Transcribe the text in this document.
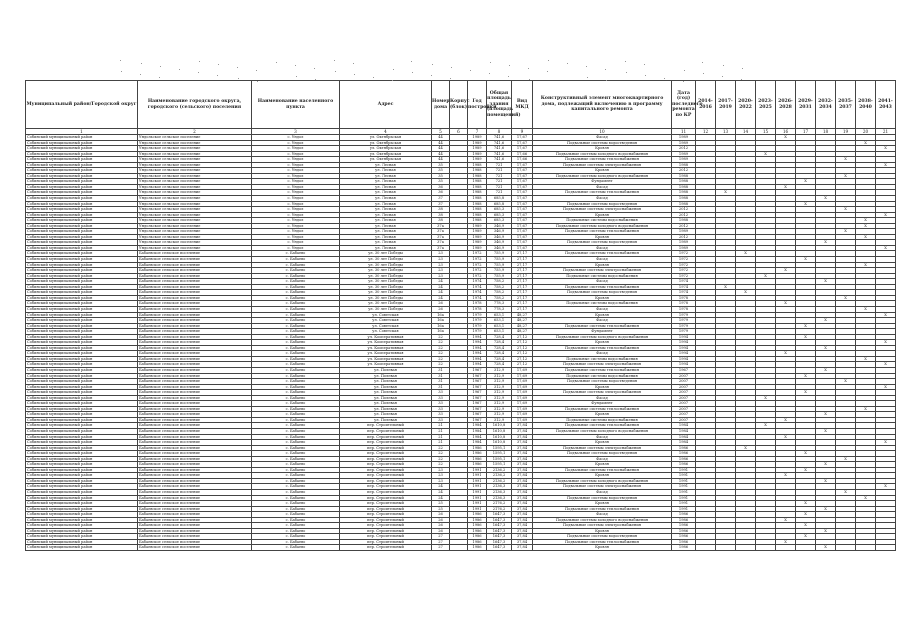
Муниципальный район/Городской округ	Наименование городского округа, городского (сельского) поселения	Наименование населенного пункта	Адрес	Номер дома	Корпус (блок)	Год постройки	Общая площадь здания (площадь помещений)	Вид МКД	Конструктивный элемент многоквартирного дома, подлежащий включению в программу капитального ремонта	Дата (год) последнего ремонта по КР	2014-2016	2017-2019	2020-2022	2023-2025	2026-2028	2029-2031	2032-2034	2035-2037	2038-2040	2041-2043
1	2	3	4	5	6	7	8	9	10	11	12	13	14	15	16	17	18	19	20	21
Собинский муниципальный район	Ундольское сельское поселение	с. Ундол	ул. Октябрьская	44		1989	741,6	17,67	Фасад	1989					X					
Собинский муниципальный район	Ундольское сельское поселение	с. Ундол	ул. Октябрьская	44		1989	741,6	17,67	Подвальные системы водоотведения	1989									X	
Собинский муниципальный район	Ундольское сельское поселение	с. Ундол	ул. Октябрьская	44		1989	741,6	17,67	Кровля	2012										X
Собинский муниципальный район	Ундольское сельское поселение	с. Ундол	ул. Октябрьская	44		1989	741,6	17,66	Подвальные системы холодного водоснабжения	1989				X						
Собинский муниципальный район	Ундольское сельское поселение	с. Ундол	ул. Октябрьская	44		1989	741,6	17,66	Подвальные системы теплоснабжения	1989								X		
Собинский муниципальный район	Ундольское сельское поселение	с. Ундол	ул. Лесная	35		1988	721	17,67	Подвальные системы электроснабжения	1988										X
Собинский муниципальный район	Ундольское сельское поселение	с. Ундол	ул. Лесная	35		1988	721	17,67	Кровля	2012										
Собинский муниципальный район	Ундольское сельское поселение	с. Ундол	ул. Лесная	35		1988	721	17,67	Подвальные системы холодного водоснабжения	1988								X		
Собинский муниципальный район	Ундольское сельское поселение	с. Ундол	ул. Лесная	35		1988	721	17,67	Фундамент	1988						X				
Собинский муниципальный район	Ундольское сельское поселение	с. Ундол	ул. Лесная	36		1988	721	17,67	Фасад	1988					X					
Собинский муниципальный район	Ундольское сельское поселение	с. Ундол	ул. Лесная	36		1988	721	17,67	Подвальные системы теплоснабжения	1988		X								
Собинский муниципальный район	Ундольское сельское поселение	с. Ундол	ул. Лесная	37		1988	685,8	17,67	Фасад	1988							X			
Собинский муниципальный район	Ундольское сельское поселение	с. Ундол	ул. Лесная	37		1988	685,8	17,67	Подвальные системы водоотведения	1988						X				
Собинский муниципальный район	Ундольское сельское поселение	с. Ундол	ул. Лесная	38		1988	685,3	17,67	Подвальные системы электроснабжения	2012								X		
Собинский муниципальный район	Ундольское сельское поселение	с. Ундол	ул. Лесная	38		1988	685,3	17,67	Кровля	2012										X
Собинский муниципальный район	Ундольское сельское поселение	с. Ундол	ул. Лесная	38		1988	685,3	17,67	Подвальные системы водоснабжения	1988									X	
Собинский муниципальный район	Ундольское сельское поселение	с. Ундол	ул. Лесная	37а		1989	346,9	17,67	Подвальные системы холодного водоснабжения	2012									X	
Собинский муниципальный район	Ундольское сельское поселение	с. Ундол	ул. Лесная	37а		1989	346,9	17,67	Подвальные системы теплоснабжения	1989								X		
Собинский муниципальный район	Ундольское сельское поселение	с. Ундол	ул. Лесная	37а		1989	346,9	17,67	Кровля	2012									X	
Собинский муниципальный район	Ундольское сельское поселение	с. Ундол	ул. Лесная	37а		1989	346,9	17,67	Подвальные системы водоотведения	1989							X			
Собинский муниципальный район	Ундольское сельское поселение	с. Ундол	ул. Лесная	37а		1989	346,9	17,67	Фасад	1989										X
Собинский муниципальный район	Бабаевское сельское поселение	с. Бабаево	ул. 30 лет Победы	23		1972	755,9	27,17	Подвальные системы теплоснабжения	1972			X							
Собинский муниципальный район	Бабаевское сельское поселение	с. Бабаево	ул. 30 лет Победы	23		1972	755,9	27,17	Фасад	1972						X				
Собинский муниципальный район	Бабаевское сельское поселение	с. Бабаево	ул. 30 лет Победы	23		1972	755,9	27,17	Кровля	1972									X	
Собинский муниципальный район	Бабаевское сельское поселение	с. Бабаево	ул. 30 лет Победы	23		1972	755,9	27,17	Подвальные системы электроснабжения	1972					X					
Собинский муниципальный район	Бабаевское сельское поселение	с. Бабаево	ул. 30 лет Победы	23		1972	755,9	27,17	Подвальные системы водоснабжения	1972				X						
Собинский муниципальный район	Бабаевское сельское поселение	с. Бабаево	ул. 30 лет Победы	24		1974	758,2	27,17	Фасад	1974							X			
Собинский муниципальный район	Бабаевское сельское поселение	с. Бабаево	ул. 30 лет Победы	24		1974	758,2	27,17	Подвальные системы теплоснабжения	1974		X								
Собинский муниципальный район	Бабаевское сельское поселение	с. Бабаево	ул. 30 лет Победы	24		1974	758,2	27,17	Подвальные системы водоотведения	1974			X							
Собинский муниципальный район	Бабаевское сельское поселение	с. Бабаево	ул. 30 лет Победы	24		1974	758,2	27,17	Кровля	1978								X		
Собинский муниципальный район	Бабаевское сельское поселение	с. Бабаево	ул. 30 лет Победы	26		1978	778,3	27,17	Подвальные системы водоснабжения	1978					X					
Собинский муниципальный район	Бабаевское сельское поселение	с. Бабаево	ул. 30 лет Победы	26		1978	778,3	27,17	Фасад	1978									X	
Собинский муниципальный район	Бабаевское сельское поселение	с. Бабаево	ул. Советская	16а		1979	653,1	48,27	Кровля	1979										X
Собинский муниципальный район	Бабаевское сельское поселение	с. Бабаево	ул. Советская	16а		1979	653,1	48,27	Фасад	1979							X			
Собинский муниципальный район	Бабаевское сельское поселение	с. Бабаево	ул. Советская	16а		1979	653,1	48,27	Подвальные системы теплоснабжения	1979						X				
Собинский муниципальный район	Бабаевское сельское поселение	с. Бабаево	ул. Советская	16а		1979	653,1	48,27	Фундамент	1979										
Собинский муниципальный район	Бабаевское сельское поселение	с. Бабаево	ул. Кооперативная	22		1994	728,4	27,12	Подвальные системы холодного водоснабжения	1994						X				
Собинский муниципальный район	Бабаевское сельское поселение	с. Бабаево	ул. Кооперативная	22		1994	728,4	27,12	Кровля	1994										X
Собинский муниципальный район	Бабаевское сельское поселение	с. Бабаево	ул. Кооперативная	22		1994	728,4	27,12	Подвальные системы теплоснабжения	1994							X			
Собинский муниципальный район	Бабаевское сельское поселение	с. Бабаево	ул. Кооперативная	22		1994	728,4	27,12	Фасад	1994					X					
Собинский муниципальный район	Бабаевское сельское поселение	с. Бабаево	ул. Кооперативная	22		1994	728,4	27,12	Подвальные системы водоснабжения	1994									X	
Собинский муниципальный район	Бабаевское сельское поселение	с. Бабаево	ул. Кооперативная	22		1994	728,4	27,12	Подвальные системы электроснабжения	1994										X
Собинский муниципальный район	Бабаевское сельское поселение	с. Бабаево	ул. Полевая	31		1967	312,9	17,69	Подвальные системы теплоснабжения	1967							X			
Собинский муниципальный район	Бабаевское сельское поселение	с. Бабаево	ул. Полевая	31		1967	312,9	17,69	Подвальные системы водоснабжения	2007						X				
Собинский муниципальный район	Бабаевское сельское поселение	с. Бабаево	ул. Полевая	31		1967	312,9	17,69	Подвальные системы водоотведения	2007								X		
Собинский муниципальный район	Бабаевское сельское поселение	с. Бабаево	ул. Полевая	31		1967	312,9	17,69	Кровля	2007										X
Собинский муниципальный район	Бабаевское сельское поселение	с. Бабаево	ул. Полевая	33		1967	312,9	17,69	Подвальные системы электроснабжения	2007						X				
Собинский муниципальный район	Бабаевское сельское поселение	с. Бабаево	ул. Полевая	33		1967	312,9	17,69	Фасад	2007				X						
Собинский муниципальный район	Бабаевское сельское поселение	с. Бабаево	ул. Полевая	33		1967	312,9	17,69	Фундамент	2007										
Собинский муниципальный район	Бабаевское сельское поселение	с. Бабаево	ул. Полевая	33		1967	312,9	17,69	Подвальные системы теплоснабжения	2007									X	
Собинский муниципальный район	Бабаевское сельское поселение	с. Бабаево	ул. Полевая	33		1967	312,9	17,69	Кровля	2007							X			
Собинский муниципальный район	Бабаевское сельское поселение	с. Бабаево	ул. Полевая	33		1967	312,9	17,69	Подвальные системы водоснабжения	2007					X					
Собинский муниципальный район	Бабаевское сельское поселение	с. Бабаево	пер. Строительный	21		1984	1610,8	37,84	Подвальные системы теплоснабжения	1984				X						
Собинский муниципальный район	Бабаевское сельское поселение	с. Бабаево	пер. Строительный	21		1984	1610,8	37,84	Подвальные системы холодного водоснабжения	1984							X			
Собинский муниципальный район	Бабаевское сельское поселение	с. Бабаево	пер. Строительный	21		1984	1610,8	37,84	Фасад	1984					X					
Собинский муниципальный район	Бабаевское сельское поселение	с. Бабаево	пер. Строительный	21		1984	1610,8	37,84	Кровля	1984										X
Собинский муниципальный район	Бабаевское сельское поселение	с. Бабаево	пер. Строительный	22		1986	1595,1	37,84	Подвальные системы электроснабжения	1986			X							
Собинский муниципальный район	Бабаевское сельское поселение	с. Бабаево	пер. Строительный	22		1986	1595,1	37,84	Подвальные системы водоотведения	1986						X				
Собинский муниципальный район	Бабаевское сельское поселение	с. Бабаево	пер. Строительный	22		1986	1595,1	37,84	Фасад	1986								X		
Собинский муниципальный район	Бабаевское сельское поселение	с. Бабаево	пер. Строительный	22		1986	1595,1	37,84	Кровля	1986							X			
Собинский муниципальный район	Бабаевское сельское поселение	с. Бабаево	пер. Строительный	23		1991	2136,2	37,84	Подвальные системы теплоснабжения	1991						X				
Собинский муниципальный район	Бабаевское сельское поселение	с. Бабаево	пер. Строительный	23		1991	2136,2	37,84	Кровля	1991					X					
Собинский муниципальный район	Бабаевское сельское поселение	с. Бабаево	пер. Строительный	23		1991	2136,2	37,84	Подвальные системы холодного водоснабжения	1991							X			
Собинский муниципальный район	Бабаевское сельское поселение	с. Бабаево	пер. Строительный	24		1991	2136,3	37,84	Подвальные системы электроснабжения	1991										X
Собинский муниципальный район	Бабаевское сельское поселение	с. Бабаево	пер. Строительный	24		1991	2136,3	37,84	Фасад	1991								X		
Собинский муниципальный район	Бабаевское сельское поселение	с. Бабаево	пер. Строительный	24		1991	2136,3	37,84	Подвальные системы водоотведения	1991									X	
Собинский муниципальный район	Бабаевское сельское поселение	с. Бабаево	пер. Строительный	25		1991	2176,2	37,84	Кровля	1991						X				
Собинский муниципальный район	Бабаевское сельское поселение	с. Бабаево	пер. Строительный	25		1991	2176,2	37,84	Подвальные системы теплоснабжения	1991							X			
Собинский муниципальный район	Бабаевское сельское поселение	с. Бабаево	пер. Строительный	26		1986	1647,3	37,84	Фасад	1986						X				
Собинский муниципальный район	Бабаевское сельское поселение	с. Бабаево	пер. Строительный	26		1986	1647,3	37,84	Подвальные системы холодного водоснабжения	1986					X					
Собинский муниципальный район	Бабаевское сельское поселение	с. Бабаево	пер. Строительный	26		1986	1647,3	37,84	Подвальные системы электроснабжения	1986						X				
Собинский муниципальный район	Бабаевское сельское поселение	с. Бабаево	пер. Строительный	26		1986	1647,3	37,84	Кровля	1986							X			
Собинский муниципальный район	Бабаевское сельское поселение	с. Бабаево	пер. Строительный	27		1986	1647,3	37,84	Подвальные системы водоотведения	1986						X				
Собинский муниципальный район	Бабаевское сельское поселение	с. Бабаево	пер. Строительный	27		1986	1647,3	37,84	Подвальные системы теплоснабжения	1986					X					
Собинский муниципальный район	Бабаевское сельское поселение	с. Бабаево	пер. Строительный	27		1986	1647,3	37,84	Кровля	1986							X			
